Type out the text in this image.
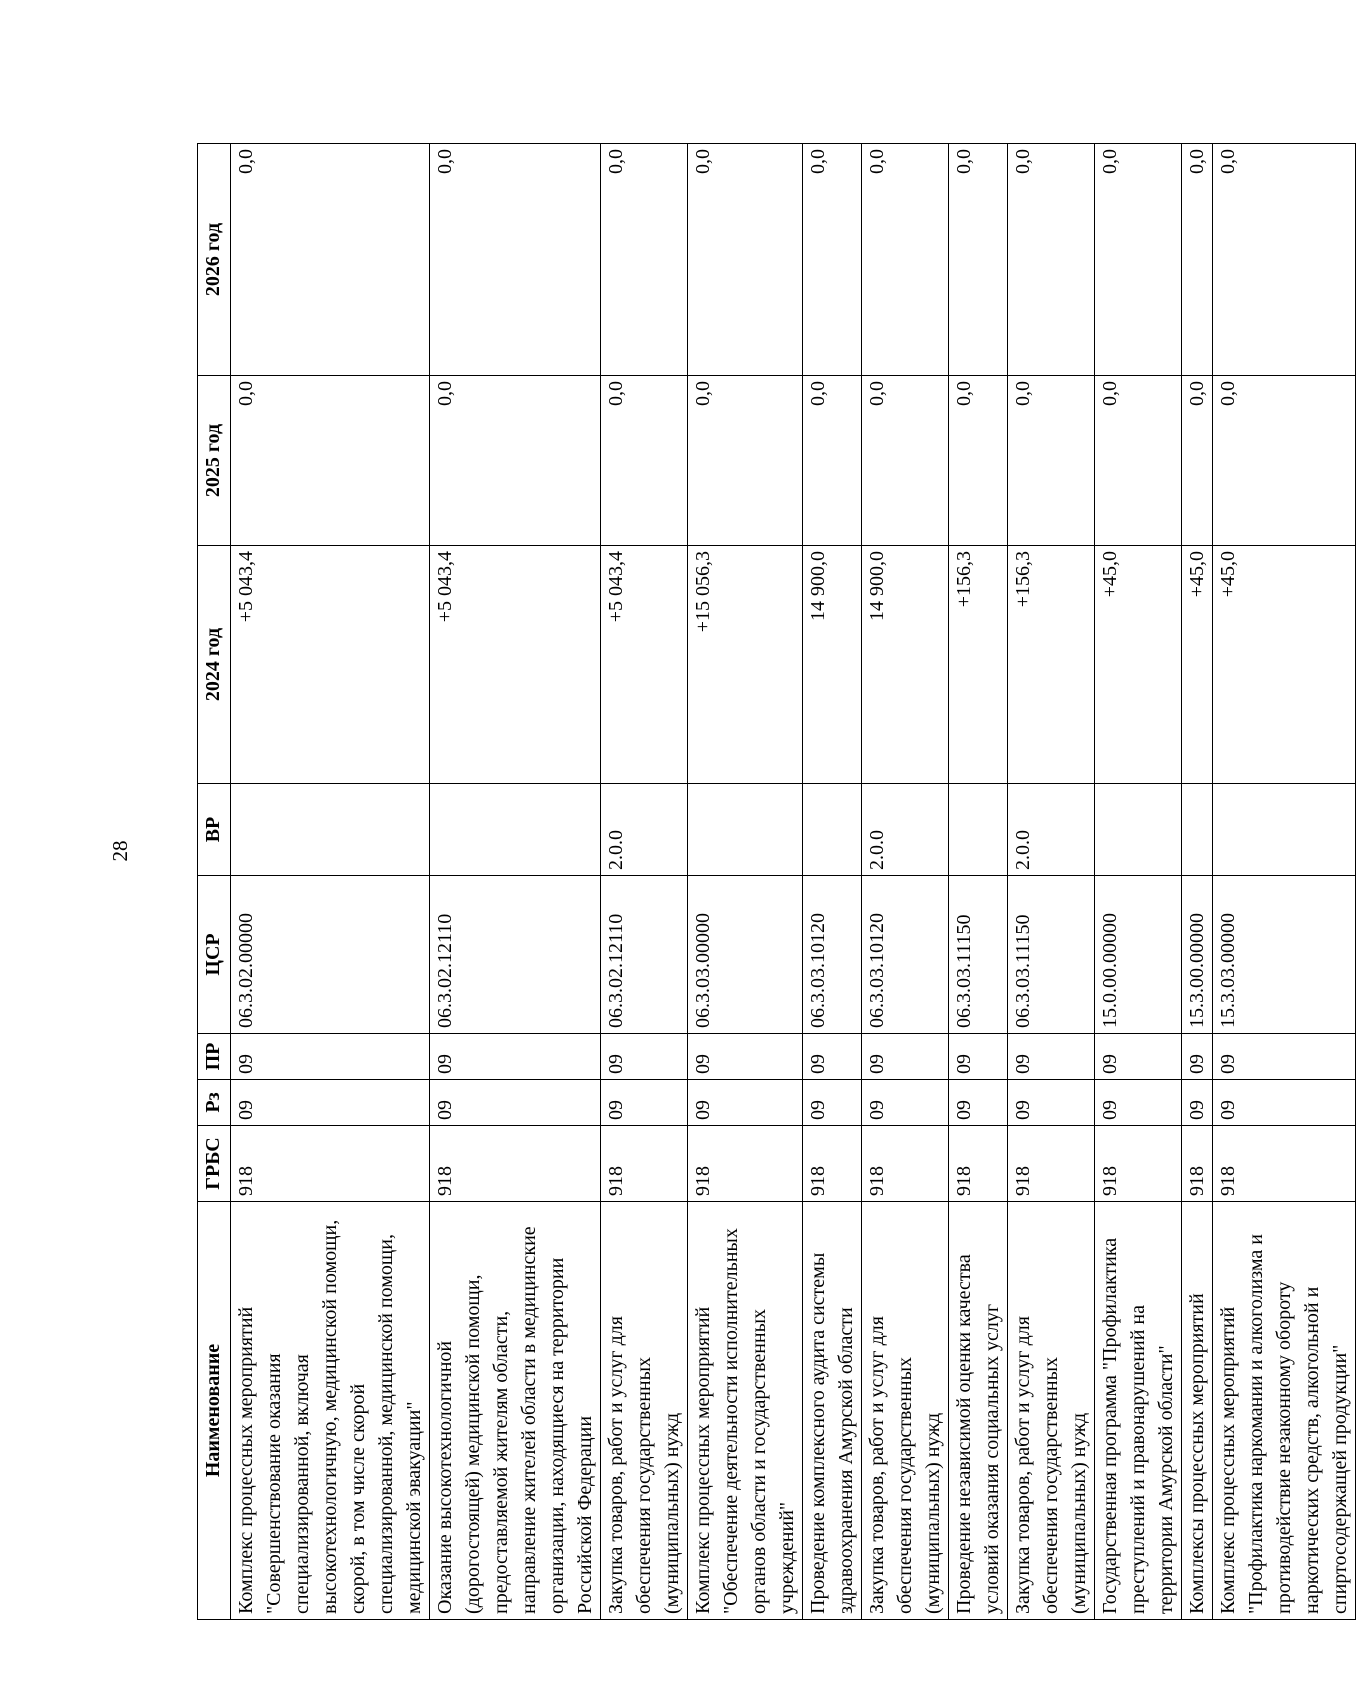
28
Наименование	ГРБС	Рз	ПР	ЦСР	ВР	2024 год	2025 год	2026 год
Комплекс процессных мероприятий "Совершенствование оказания специализированной, включая высокотехнологичную, медицинской помощи, скорой, в том числе скорой специализированной, медицинской помощи, медицинской эвакуации"	918	09	09	06.3.02.00000		+5 043,4	0,0	0,0
Оказание высокотехнологичной (дорогостоящей) медицинской помощи, предоставляемой жителям области, направление жителей области в медицинские организации, находящиеся на территории Российской Федерации	918	09	09	06.3.02.12110		+5 043,4	0,0	0,0
Закупка товаров, работ и услуг для обеспечения государственных (муниципальных) нужд	918	09	09	06.3.02.12110	2.0.0	+5 043,4	0,0	0,0
Комплекс процессных мероприятий "Обеспечение деятельности исполнительных органов области и государственных учреждений"	918	09	09	06.3.03.00000		+15 056,3	0,0	0,0
Проведение комплексного аудита системы здравоохранения Амурской области	918	09	09	06.3.03.10120		14 900,0	0,0	0,0
Закупка товаров, работ и услуг для обеспечения государственных (муниципальных) нужд	918	09	09	06.3.03.10120	2.0.0	14 900,0	0,0	0,0
Проведение независимой оценки качества условий оказания социальных услуг	918	09	09	06.3.03.11150		+156,3	0,0	0,0
Закупка товаров, работ и услуг для обеспечения государственных (муниципальных) нужд	918	09	09	06.3.03.11150	2.0.0	+156,3	0,0	0,0
Государственная программа "Профилактика преступлений и правонарушений на территории Амурской области"	918	09	09	15.0.00.00000		+45,0	0,0	0,0
Комплексы процессных мероприятий	918	09	09	15.3.00.00000		+45,0	0,0	0,0
Комплекс процессных мероприятий "Профилактика наркомании и алкоголизма и противодействие незаконному обороту наркотических средств, алкогольной и спиртосодержащей продукции"	918	09	09	15.3.03.00000		+45,0	0,0	0,0
